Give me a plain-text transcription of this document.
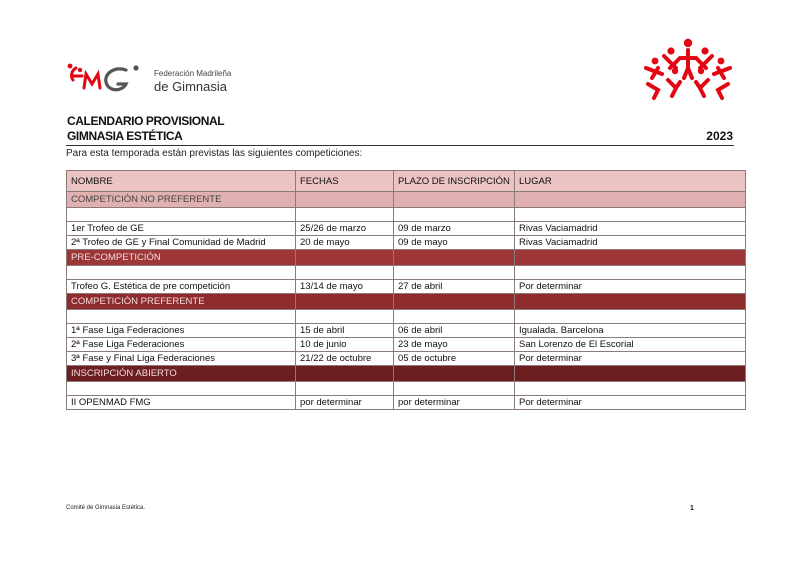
Federación Madrileña
de Gimnasia
CALENDARIO PROVISIONAL
GIMNASIA ESTÉTICA	2023
Para esta temporada están previstas las siguientes competiciones:
NOMBRE	FECHAS	PLAZO DE INSCRIPCIÓN	LUGAR
COMPETICIÓN NO PREFERENTE			

1er Trofeo de GE	25/26 de marzo	09 de marzo	Rivas Vaciamadrid
2ª Trofeo de GE y Final Comunidad de Madrid	20 de mayo	09 de mayo	Rivas Vaciamadrid
PRE-COMPETICIÓN			

Trofeo G. Estética de pre competición	13/14 de mayo	27 de abril	Por determinar
COMPETICIÓN PREFERENTE			

1ª Fase Liga Federaciones	15 de abril	06 de abril	Igualada. Barcelona
2ª Fase Liga Federaciones	10 de junio	23 de mayo	San Lorenzo de El Escorial
3ª Fase y Final Liga Federaciones	21/22 de octubre	05 de octubre	Por determinar
INSCRIPCIÓN ABIERTO			

II OPENMAD FMG	por determinar	por determinar	Por determinar
Comité de Gimnasia Estética.	1
